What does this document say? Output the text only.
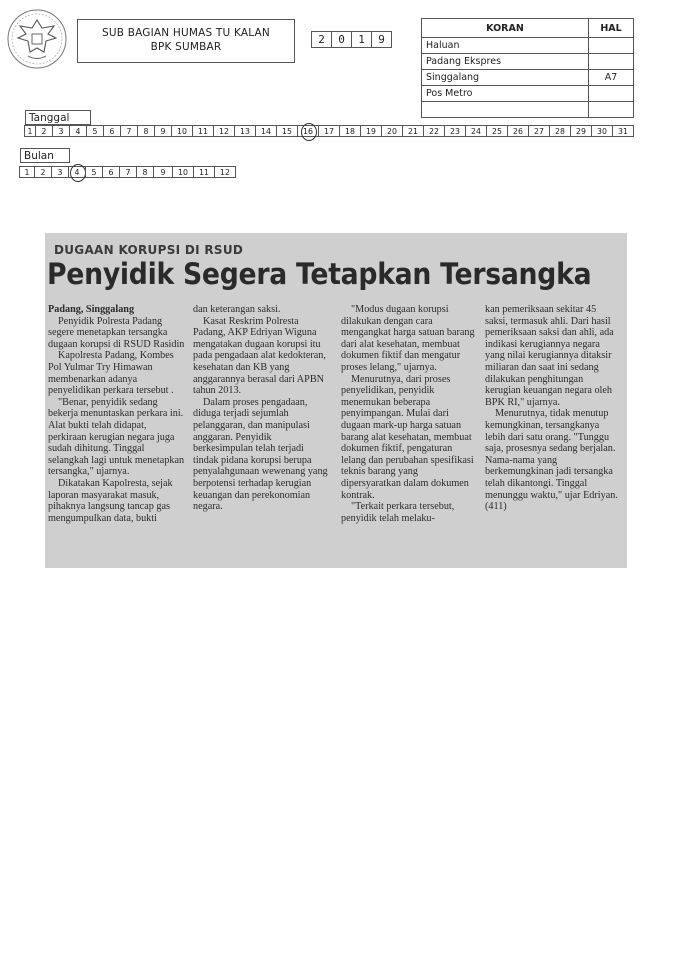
SUB BAGIAN HUMAS TU KALAN
BPK SUMBAR
2	0	1	9
KORAN	HAL
Haluan	
Padang Ekspres	
Singgalang	A7
Pos Metro	

Tanggal
1	2	3	4	5	6	7	8	9	10	11	12	13	14	15	16	17	18	19	20	21	22	23	24	25	26	27	28	29	30	31
Bulan
1	2	3	4	5	6	7	8	9	10	11	12
DUGAAN KORUPSI DI RSUD
Penyidik Segera Tetapkan Tersangka

Padang, Singgalang

Penyidik Polresta Padang segere menetapkan tersangka dugaan korupsi di RSUD Rasidin

Kapolresta Padang, Kombes Pol Yulmar Try Himawan membenarkan adanya penyelidikan perkara tersebut .

"Benar, penyidik sedang bekerja menuntaskan perkara ini. Alat bukti telah didapat, perkiraan kerugian negara juga sudah dihitung. Tinggal selangkah lagi untuk menetapkan tersangka," ujarnya.

Dikatakan Kapolresta, sejak laporan masyarakat masuk, pihaknya langsung tancap gas mengumpulkan data, bukti

dan keterangan saksi.

Kasat Reskrim Polresta Padang, AKP Edriyan Wiguna mengatakan dugaan korupsi itu pada pengadaan alat kedokteran, kesehatan dan KB yang anggarannya berasal dari APBN tahun 2013.

Dalam proses pengadaan, diduga terjadi sejumlah pelanggaran, dan manipulasi anggaran. Penyidik berkesimpulan telah terjadi tindak pidana korupsi berupa penyalahgunaan wewenang yang berpotensi terhadap kerugian keuangan dan perekonomian negara.

"Modus dugaan korupsi dilakukan dengan cara mengangkat harga satuan barang dari alat kesehatan, membuat dokumen fiktif dan mengatur proses lelang," ujarnya.

Menurutnya, dari proses penyelidikan, penyidik menemukan beberapa penyimpangan. Mulai dari dugaan mark-up harga satuan barang alat kesehatan, membuat dokumen fiktif, pengaturan lelang dan perubahan spesifikasi teknis barang yang dipersyaratkan dalam dokumen kontrak.

"Terkait perkara tersebut, penyidik telah melaku-

kan pemeriksaan sekitar 45 saksi, termasuk ahli. Dari hasil pemeriksaan saksi dan ahli, ada indikasi kerugiannya negara yang nilai kerugiannya ditaksir miliaran dan saat ini sedang dilakukan penghitungan kerugian keuangan negara oleh BPK RI," ujarnya.

Menurutnya, tidak menutup kemungkinan, tersangkanya lebih dari satu orang. "Tunggu saja, prosesnya sedang berjalan. Nama-nama yang berkemungkinan jadi tersangka telah dikantongi. Tinggal menunggu waktu," ujar Edriyan. (411)
